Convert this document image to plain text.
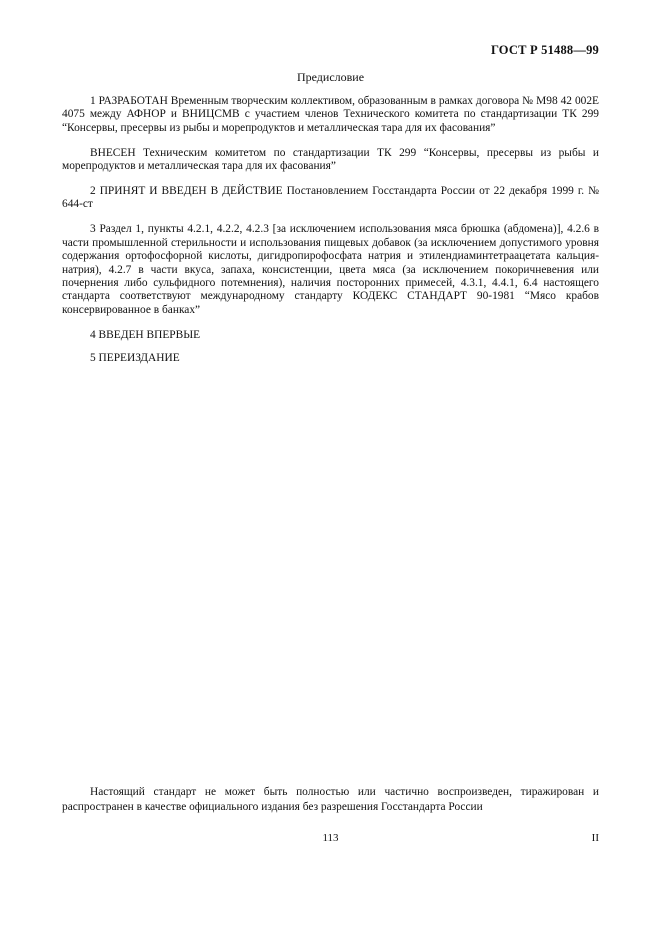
ГОСТ Р 51488—99
Предисловие

1 РАЗРАБОТАН Временным творческим коллективом, образованным в рамках договора № М98 42 002Е 4075 между АФНОР и ВНИЦСМВ с участием членов Технического комитета по стандартизации ТК 299 “Консервы, пресервы из рыбы и морепродуктов и металлическая тара для их фасования”

ВНЕСЕН Техническим комитетом по стандартизации ТК 299 “Консервы, пресервы из рыбы и морепродуктов и металлическая тара для их фасования”

2 ПРИНЯТ И ВВЕДЕН В ДЕЙСТВИЕ Постановлением Госстандарта России от 22 декабря 1999 г. № 644-ст

3 Раздел 1, пункты 4.2.1, 4.2.2, 4.2.3 [за исключением использования мяса брюшка (абдомена)], 4.2.6 в части промышленной стерильности и использования пищевых добавок (за исключением допустимого уровня содержания ортофосфорной кислоты, дигидропирофосфата натрия и этилендиаминтетраацетата кальция-натрия), 4.2.7 в части вкуса, запаха, консистенции, цвета мяса (за исключением покоричневения или почернения либо сульфидного потемнения), наличия посторонних примесей, 4.3.1, 4.4.1, 6.4 настоящего стандарта соответствуют международному стандарту КОДЕКС СТАНДАРТ 90-1981 “Мясо крабов консервированное в банках”

4 ВВЕДЕН ВПЕРВЫЕ

5 ПЕРЕИЗДАНИЕ

Настоящий стандарт не может быть полностью или частично воспроизведен, тиражирован и распространен в качестве официального издания без разрешения Госстандарта России

113	II
